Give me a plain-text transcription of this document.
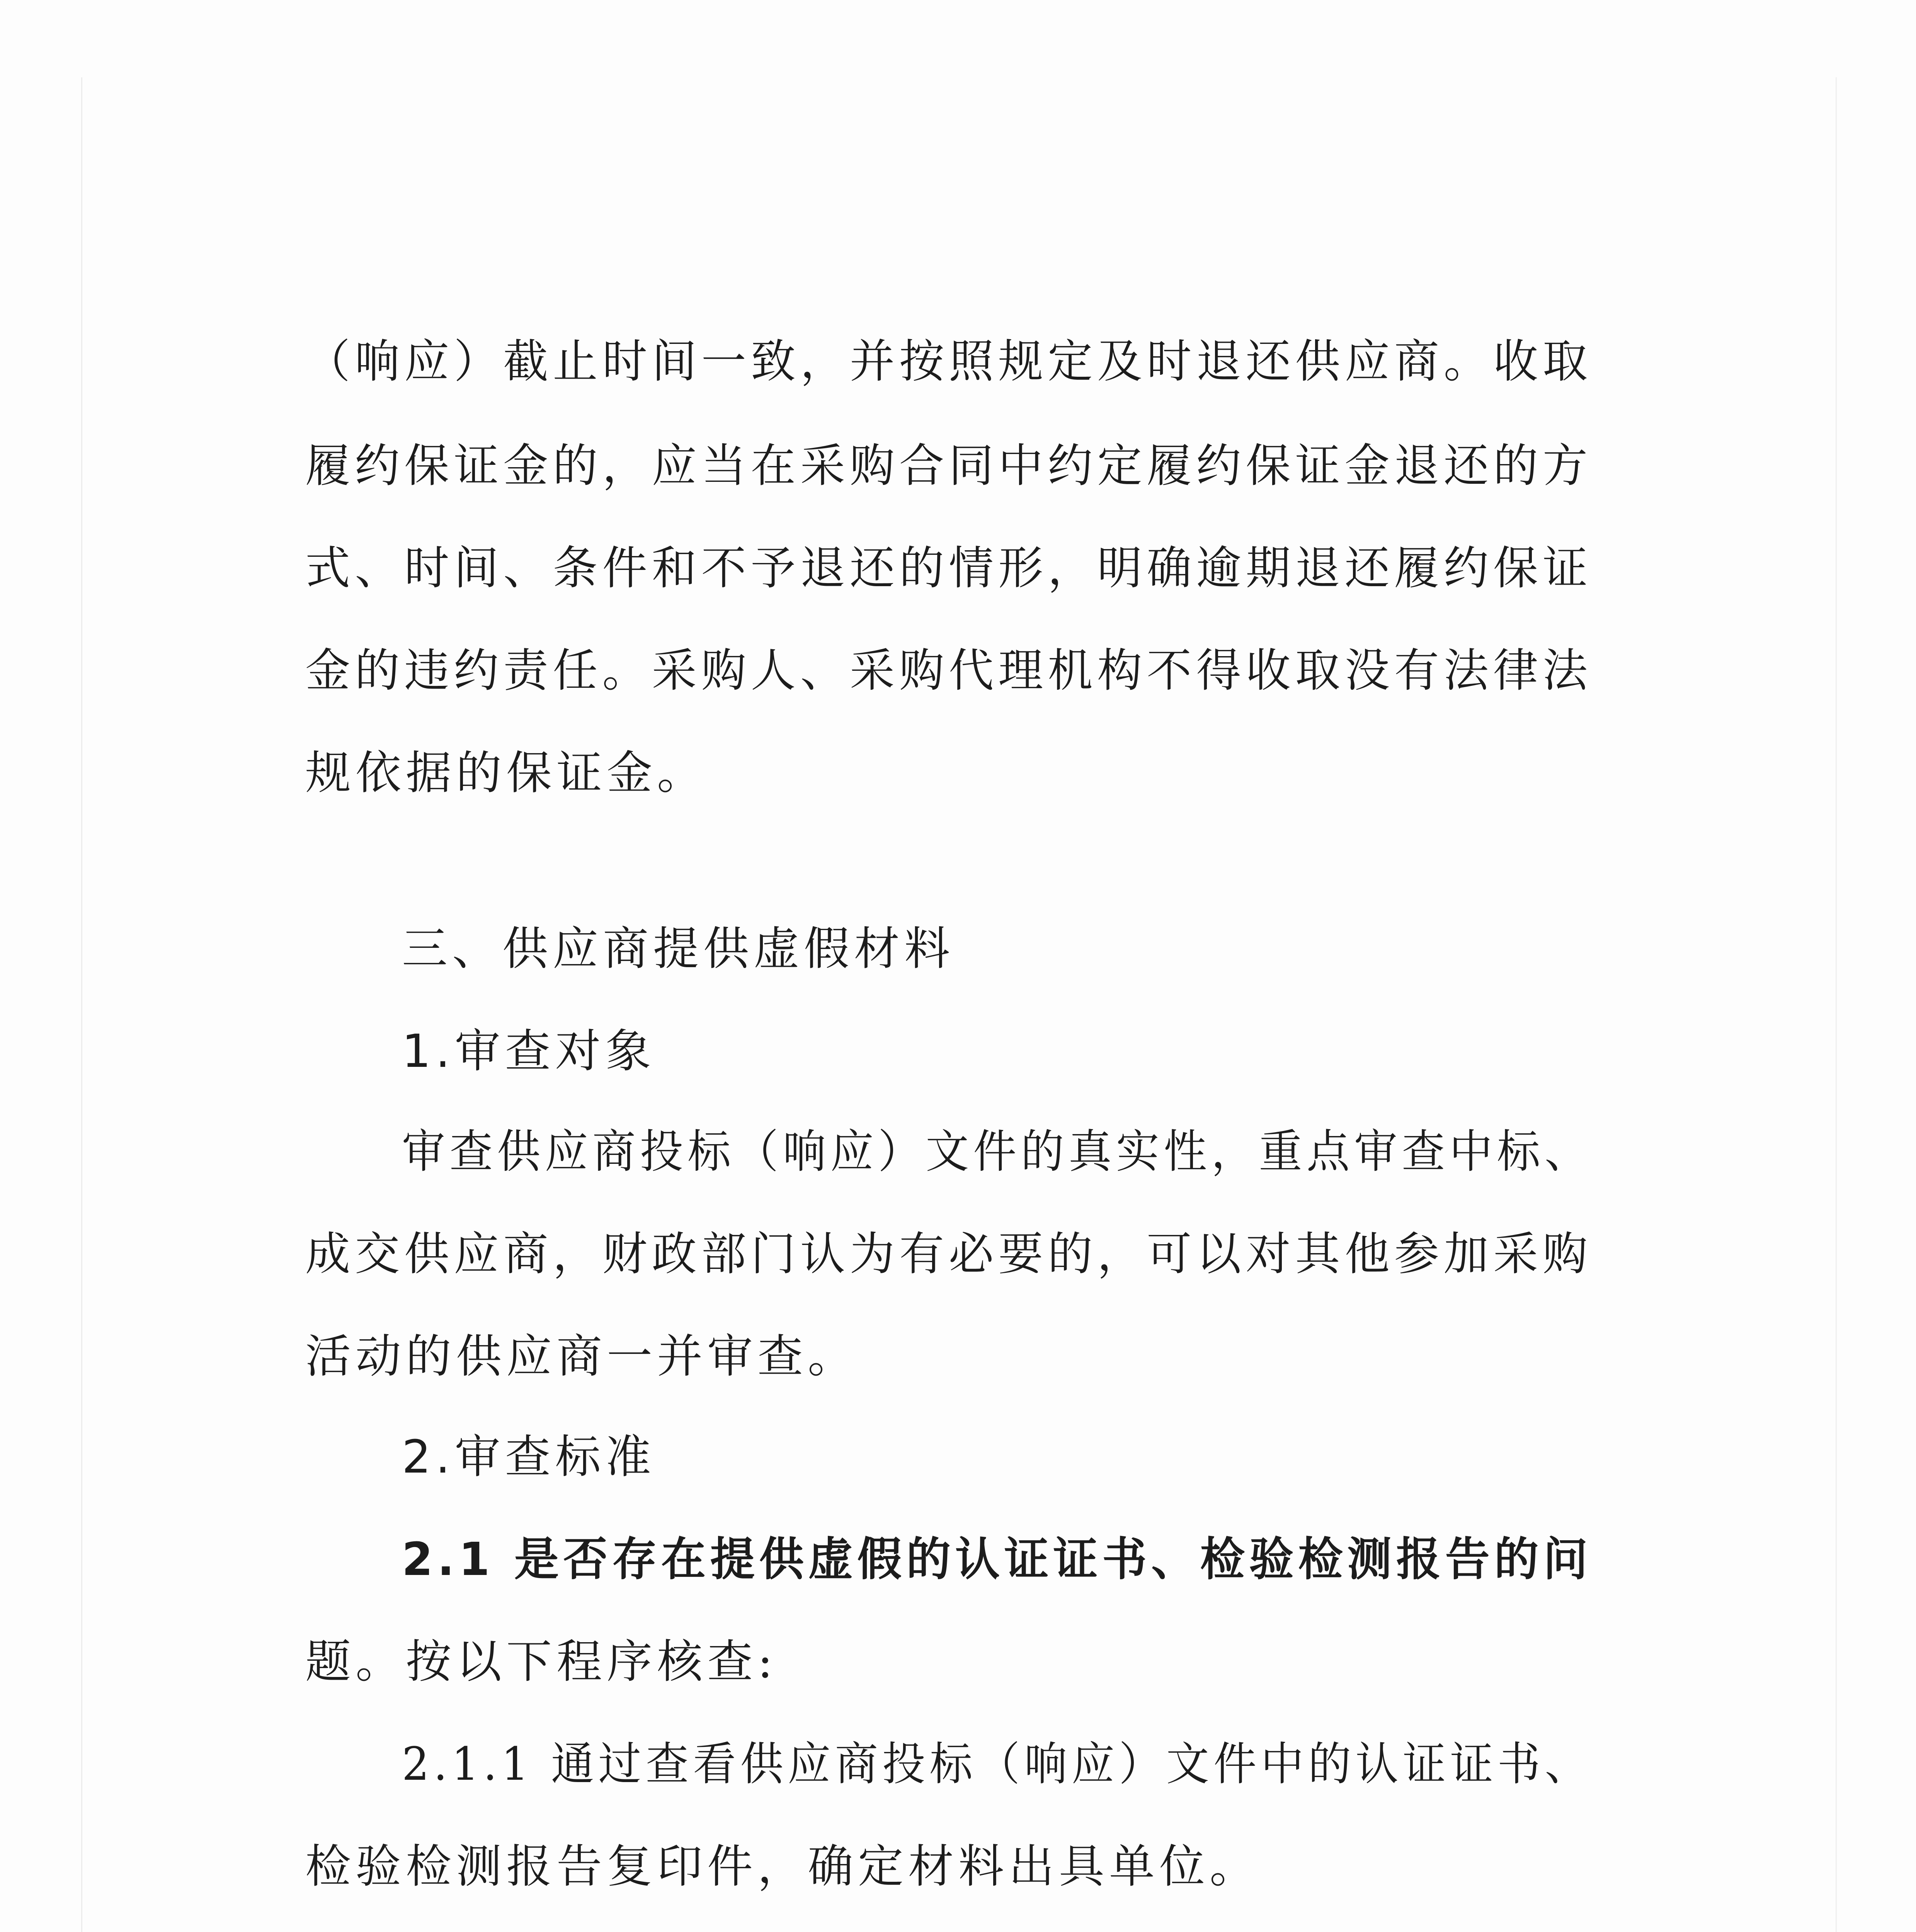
（响应）截止时间一致，并按照规定及时退还供应商。收取
履约保证金的，应当在采购合同中约定履约保证金退还的方
式、时间、条件和不予退还的情形，明确逾期退还履约保证
金的违约责任。采购人、采购代理机构不得收取没有法律法
规依据的保证金。
三、供应商提供虚假材料
1.审查对象
审查供应商投标（响应）文件的真实性，重点审查中标、
成交供应商，财政部门认为有必要的，可以对其他参加采购
活动的供应商一并审查。
2.审查标准
2.1 是否存在提供虚假的认证证书、检验检测报告的问
题。按以下程序核查:
2.1.1 通过查看供应商投标（响应）文件中的认证证书、
检验检测报告复印件，确定材料出具单位。
